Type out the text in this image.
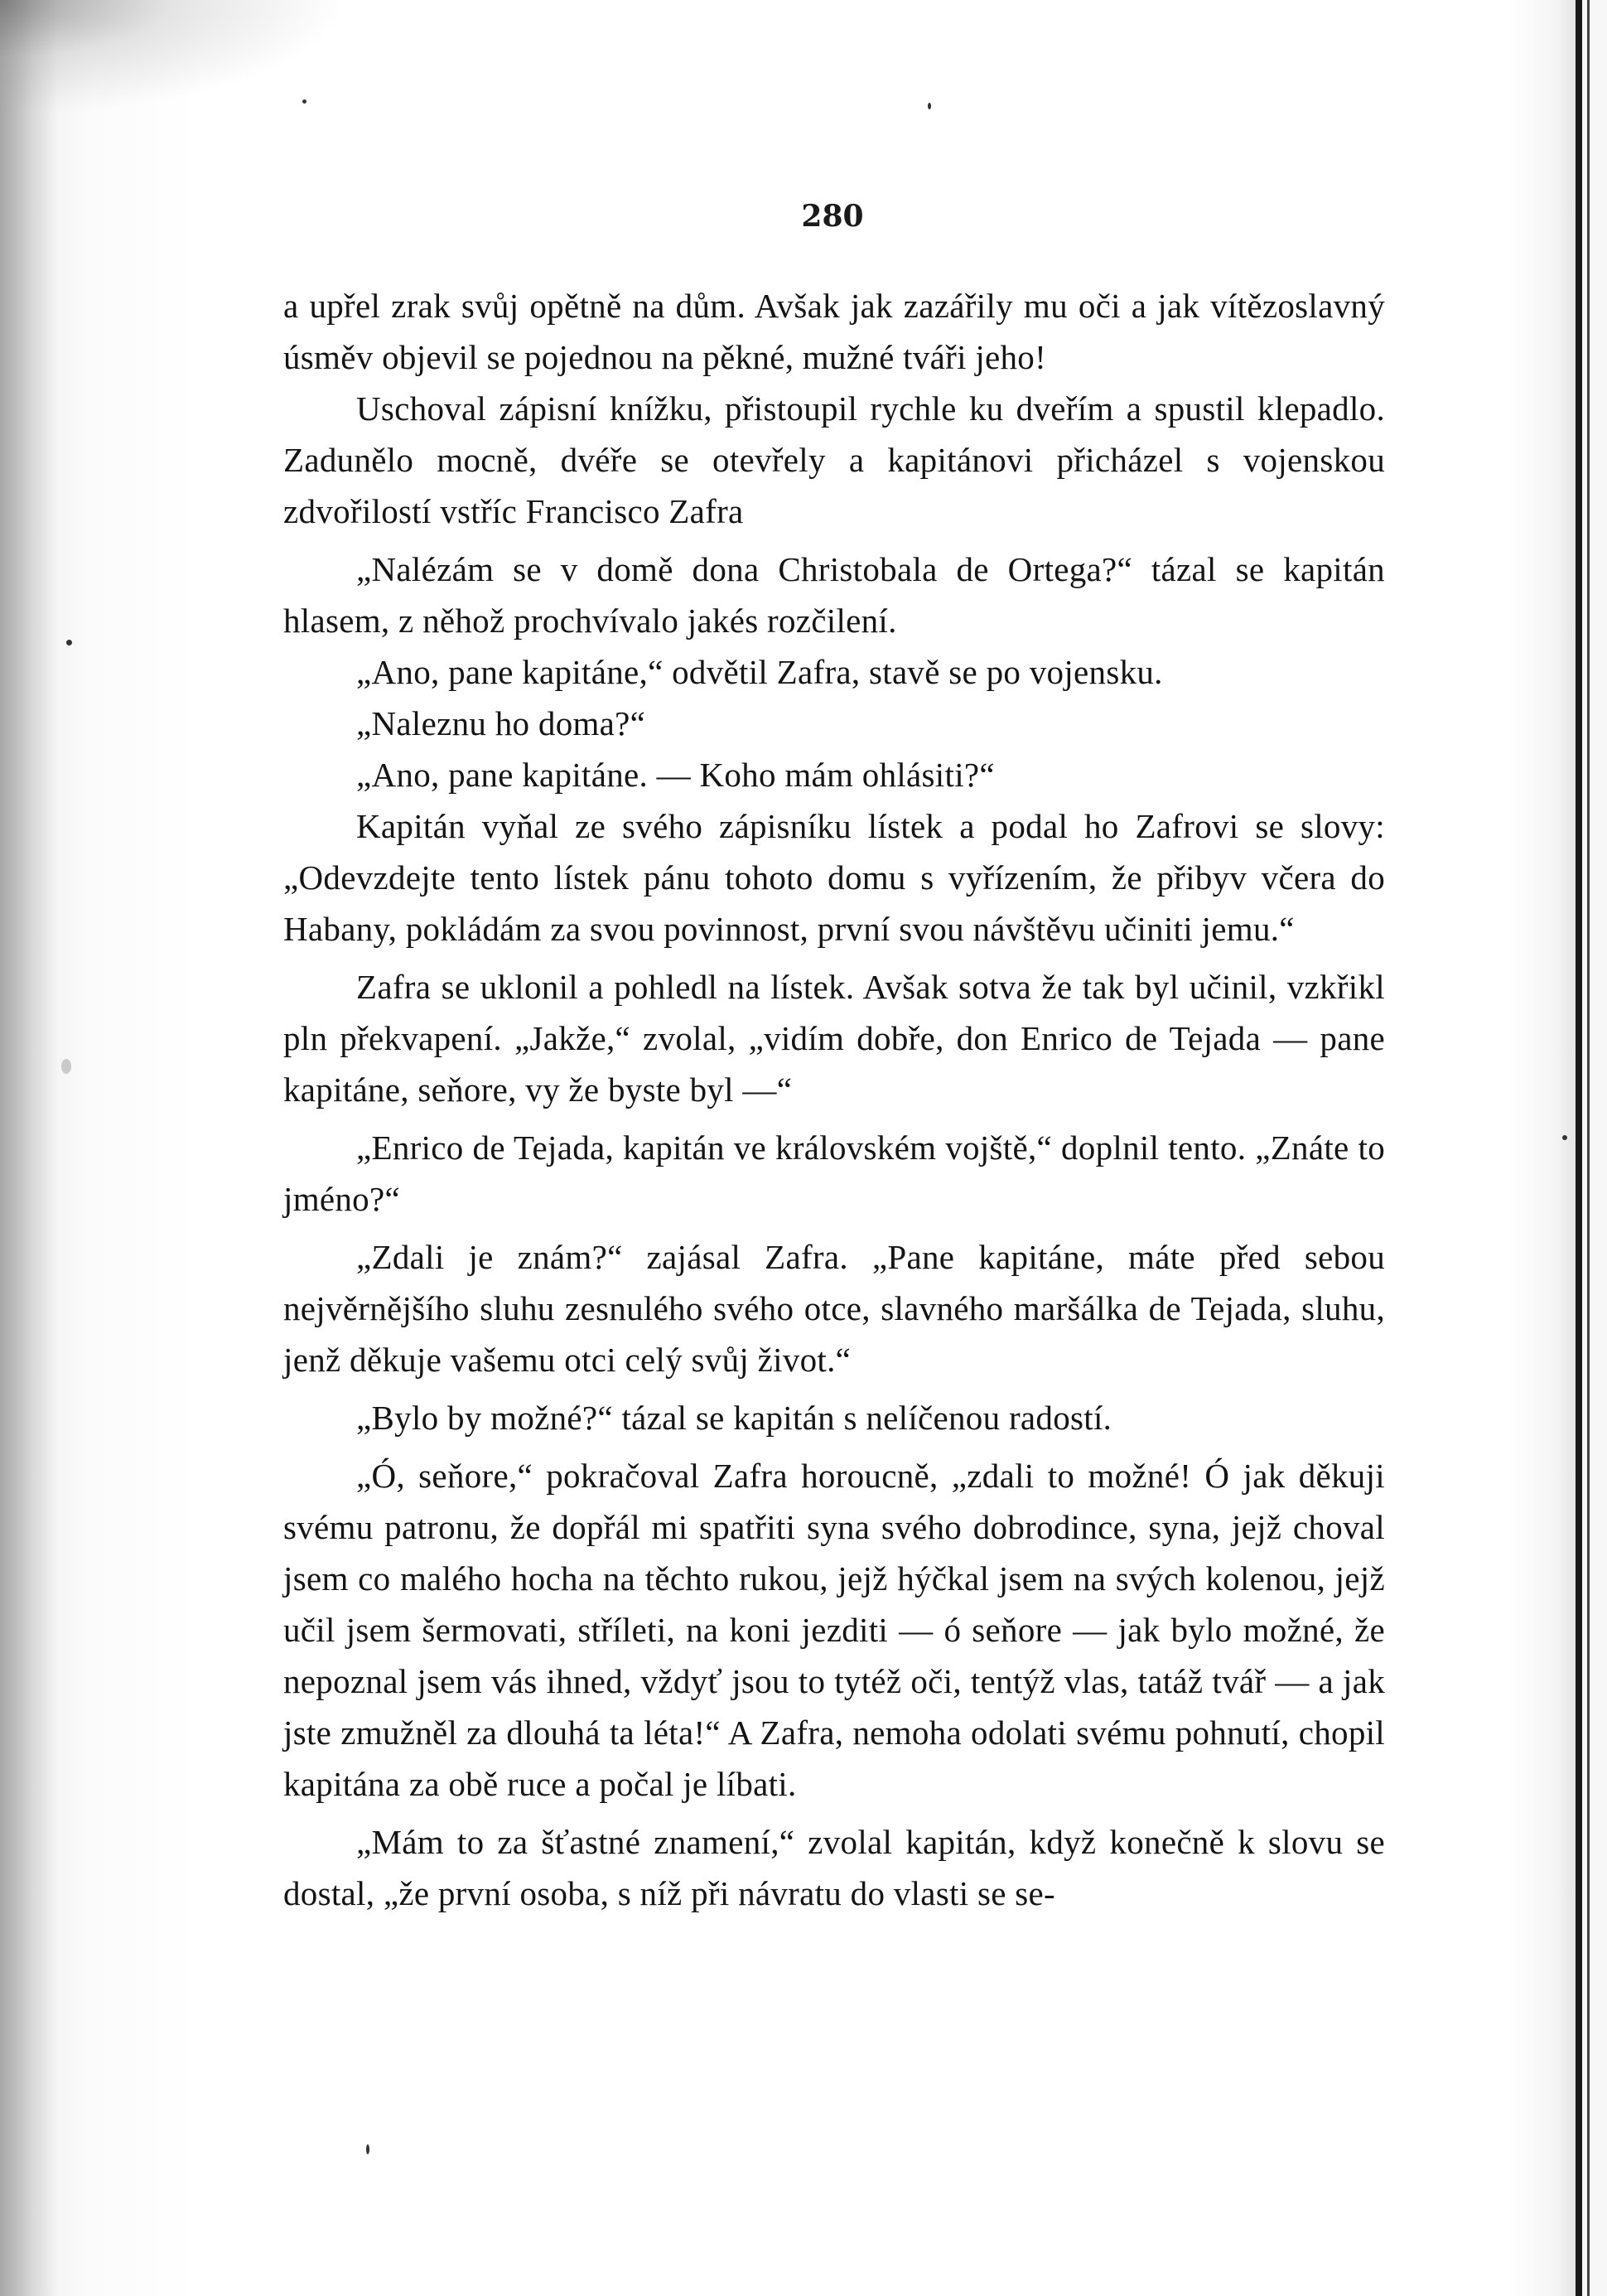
280

a upřel zrak svůj opětně na dům. Avšak jak zazářily mu oči a jak vítězoslavný úsměv objevil se pojednou na pěkné, mužné tváři jeho!

Uschoval zápisní knížku, přistoupil rychle ku dveřím a spustil klepadlo. Zadunělo mocně, dvéře se otevřely a kapitánovi přicházel s vojenskou zdvořilostí vstříc Francisco Zafra

„Nalézám se v domě dona Christobala de Ortega?“ tázal se kapitán hlasem, z něhož prochvívalo jakés rozčilení.

„Ano, pane kapitáne,“ odvětil Zafra, stavě se po vojensku.

„Naleznu ho doma?“

„Ano, pane kapitáne. — Koho mám ohlásiti?“

Kapitán vyňal ze svého zápisníku lístek a podal ho Zafrovi se slovy: „Odevzdejte tento lístek pánu tohoto domu s vyřízením, že přibyv včera do Habany, pokládám za svou povinnost, první svou návštěvu učiniti jemu.“

Zafra se uklonil a pohledl na lístek. Avšak sotva že tak byl učinil, vzkřikl pln překvapení. „Jakže,“ zvolal, „vidím dobře, don Enrico de Tejada — pane kapitáne, seňore, vy že byste byl —“

„Enrico de Tejada, kapitán ve královském vojště,“ doplnil tento. „Znáte to jméno?“

„Zdali je znám?“ zajásal Zafra. „Pane kapitáne, máte před sebou nejvěrnějšího sluhu zesnulého svého otce, slavného maršálka de Tejada, sluhu, jenž děkuje vašemu otci celý svůj život.“

„Bylo by možné?“ tázal se kapitán s nelíčenou radostí.

„Ó, seňore,“ pokračoval Zafra horoucně, „zdali to možné! Ó jak děkuji svému patronu, že dopřál mi spatřiti syna svého dobrodince, syna, jejž choval jsem co malého hocha na těchto rukou, jejž hýčkal jsem na svých kolenou, jejž učil jsem šermovati, stříleti, na koni jezditi — ó seňore — jak bylo možné, že nepoznal jsem vás ihned, vždyť jsou to tytéž oči, tentýž vlas, tatáž tvář — a jak jste zmužněl za dlouhá ta léta!“ A Zafra, nemoha odolati svému pohnutí, chopil kapitána za obě ruce a počal je líbati.

„Mám to za šťastné znamení,“ zvolal kapitán, když konečně k slovu se dostal, „že první osoba, s níž při návratu do vlasti se se-
